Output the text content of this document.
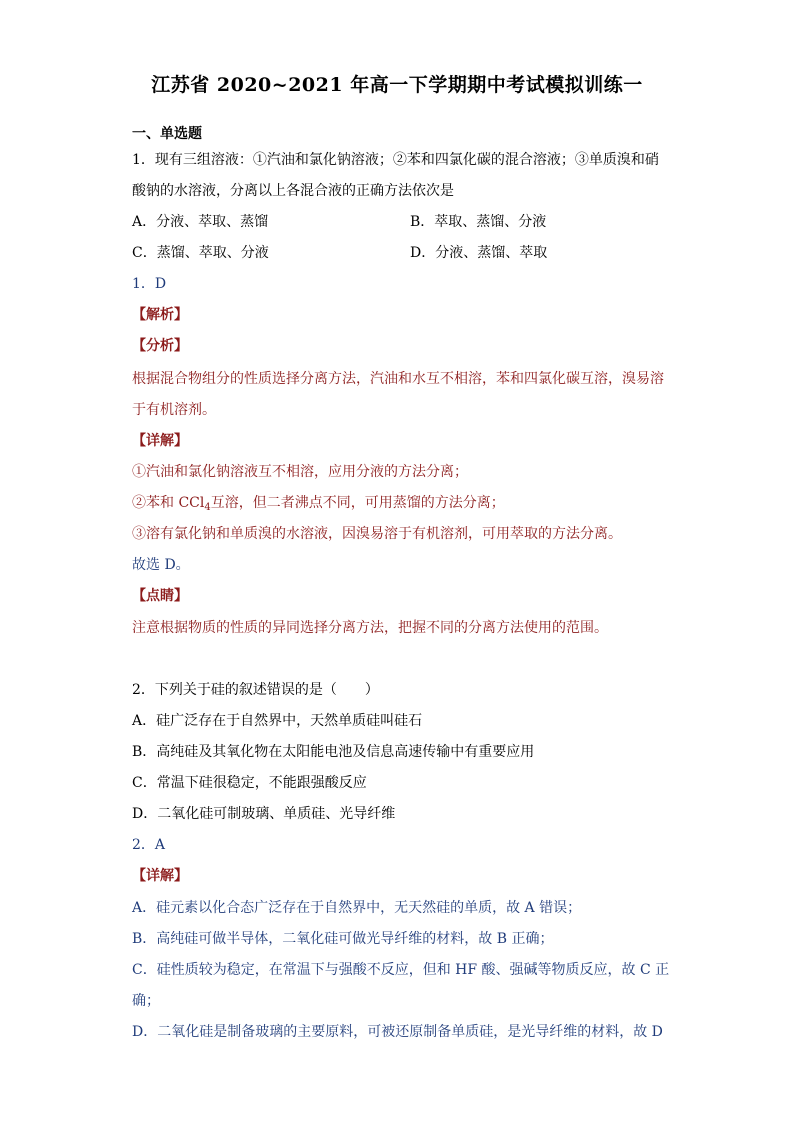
江苏省 2020~2021 年高一下学期期中考试模拟训练一
一、单选题
1．现有三组溶液：①汽油和氯化钠溶液；②苯和四氯化碳的混合溶液；③单质溴和硝
酸钠的水溶液，分离以上各混合液的正确方法依次是
A．分液、萃取、蒸馏	B．萃取、蒸馏、分液
C．蒸馏、萃取、分液	D．分液、蒸馏、萃取
1．D
【解析】
【分析】
根据混合物组分的性质选择分离方法，汽油和水互不相溶，苯和四氯化碳互溶，溴易溶
于有机溶剂。
【详解】
①汽油和氯化钠溶液互不相溶，应用分液的方法分离；
②苯和 CCl$_4$互溶，但二者沸点不同，可用蒸馏的方法分离；
③溶有氯化钠和单质溴的水溶液，因溴易溶于有机溶剂，可用萃取的方法分离。
故选 D。
【点睛】
注意根据物质的性质的异同选择分离方法，把握不同的分离方法使用的范围。
2．下列关于硅的叙述错误的是（　　）
A．硅广泛存在于自然界中，天然单质硅叫硅石
B．高纯硅及其氧化物在太阳能电池及信息高速传输中有重要应用
C．常温下硅很稳定，不能跟强酸反应
D．二氧化硅可制玻璃、单质硅、光导纤维
2．A
【详解】
A．硅元素以化合态广泛存在于自然界中，无天然硅的单质，故 A 错误；
B．高纯硅可做半导体，二氧化硅可做光导纤维的材料，故 B 正确；
C．硅性质较为稳定，在常温下与强酸不反应，但和 HF 酸、强碱等物质反应，故 C 正
确；
D．二氧化硅是制备玻璃的主要原料，可被还原制备单质硅，是光导纤维的材料，故 D
